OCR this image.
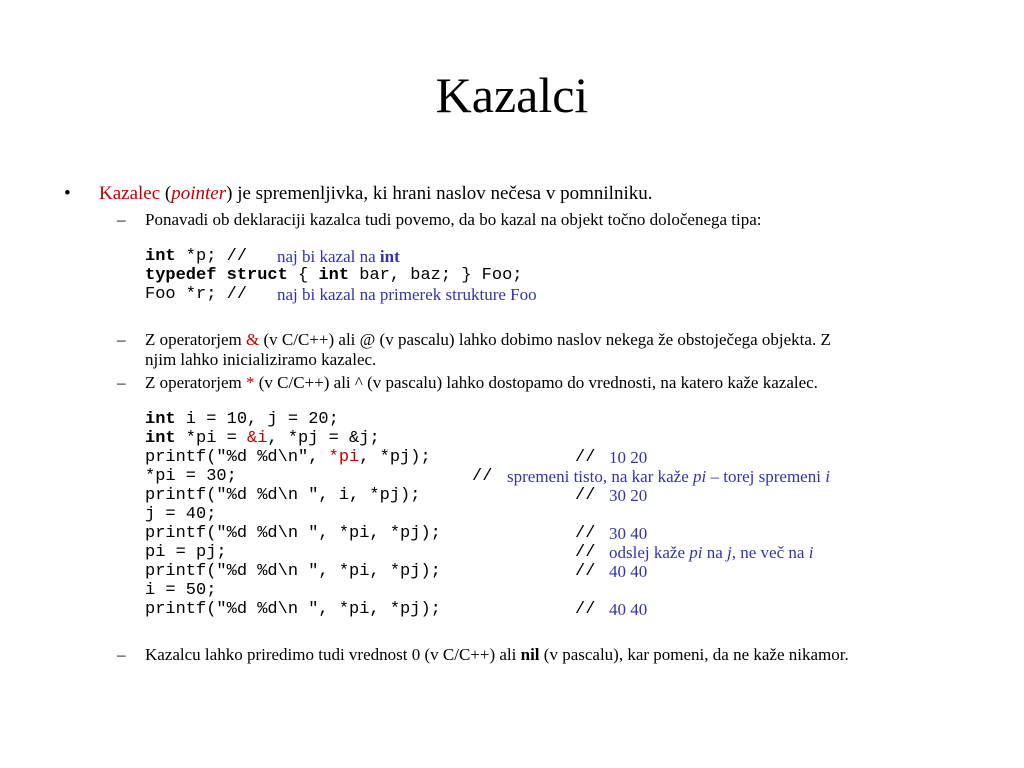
Kazalci
• Kazalec (pointer) je spremenljivka, ki hrani naslov nečesa v pomnilniku.
– Ponavadi ob deklaraciji kazalca tudi povemo, da bo kazal na objekt točno določenega tipa:
int *p; // naj bi kazal na int
typedef struct { int bar, baz; } Foo;
Foo *r; // naj bi kazal na primerek strukture Foo
– Z operatorjem & (v C/C++) ali @ (v pascalu) lahko dobimo naslov nekega že obstoječega objekta. Z
njim lahko inicializiramo kazalec.
– Z operatorjem * (v C/C++) ali ^ (v pascalu) lahko dostopamo do vrednosti, na katero kaže kazalec.
int i = 10, j = 20;
int *pi = &i, *pj = &j;
printf("%d %d\n", *pi, *pj);	// 10 20
*pi = 30;	// spremeni tisto, na kar kaže pi – torej spremeni i
printf("%d %d\n ", i, *pj);	// 30 20
j = 40;
printf("%d %d\n ", *pi, *pj);	// 30 40
pi = pj;	// odslej kaže pi na j, ne več na i
printf("%d %d\n ", *pi, *pj);	// 40 40
i = 50;
printf("%d %d\n ", *pi, *pj);	// 40 40
– Kazalcu lahko priredimo tudi vrednost 0 (v C/C++) ali nil (v pascalu), kar pomeni, da ne kaže nikamor.
